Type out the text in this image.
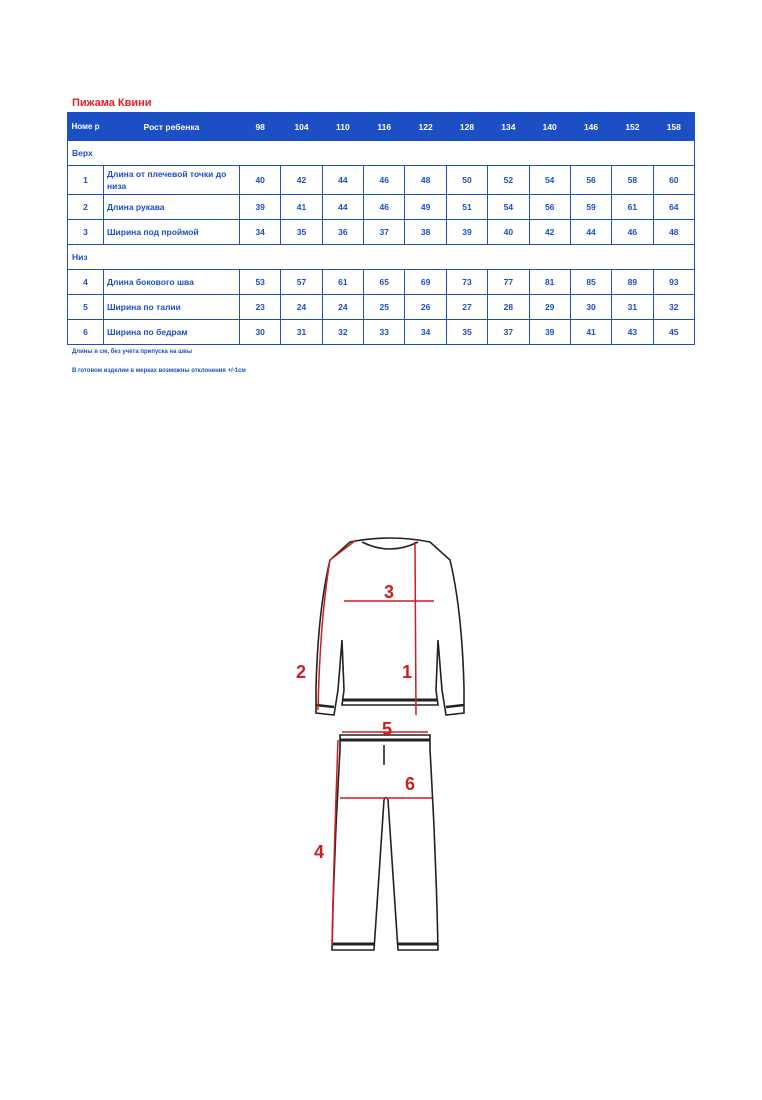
Пижама Квини
Номе р	Рост ребенка	98	104	110	116	122	128	134	140	146	152	158
Верх												
1	Длина от плечевой точки до низа	40	42	44	46	48	50	52	54	56	58	60
2	Длина рукава	39	41	44	46	49	51	54	56	59	61	64
3	Ширина под проймой	34	35	36	37	38	39	40	42	44	46	48
Низ												
4	Длина бокового шва	53	57	61	65	69	73	77	81	85	89	93
5	Ширина по талии	23	24	24	25	26	27	28	29	30	31	32
6	Ширина по бедрам	30	31	32	33	34	35	37	39	41	43	45
Длины в см, без учета припуска на швы
В готовом изделии в мерках возможны отклонения +/-1см
1
2
3
4
5
6
